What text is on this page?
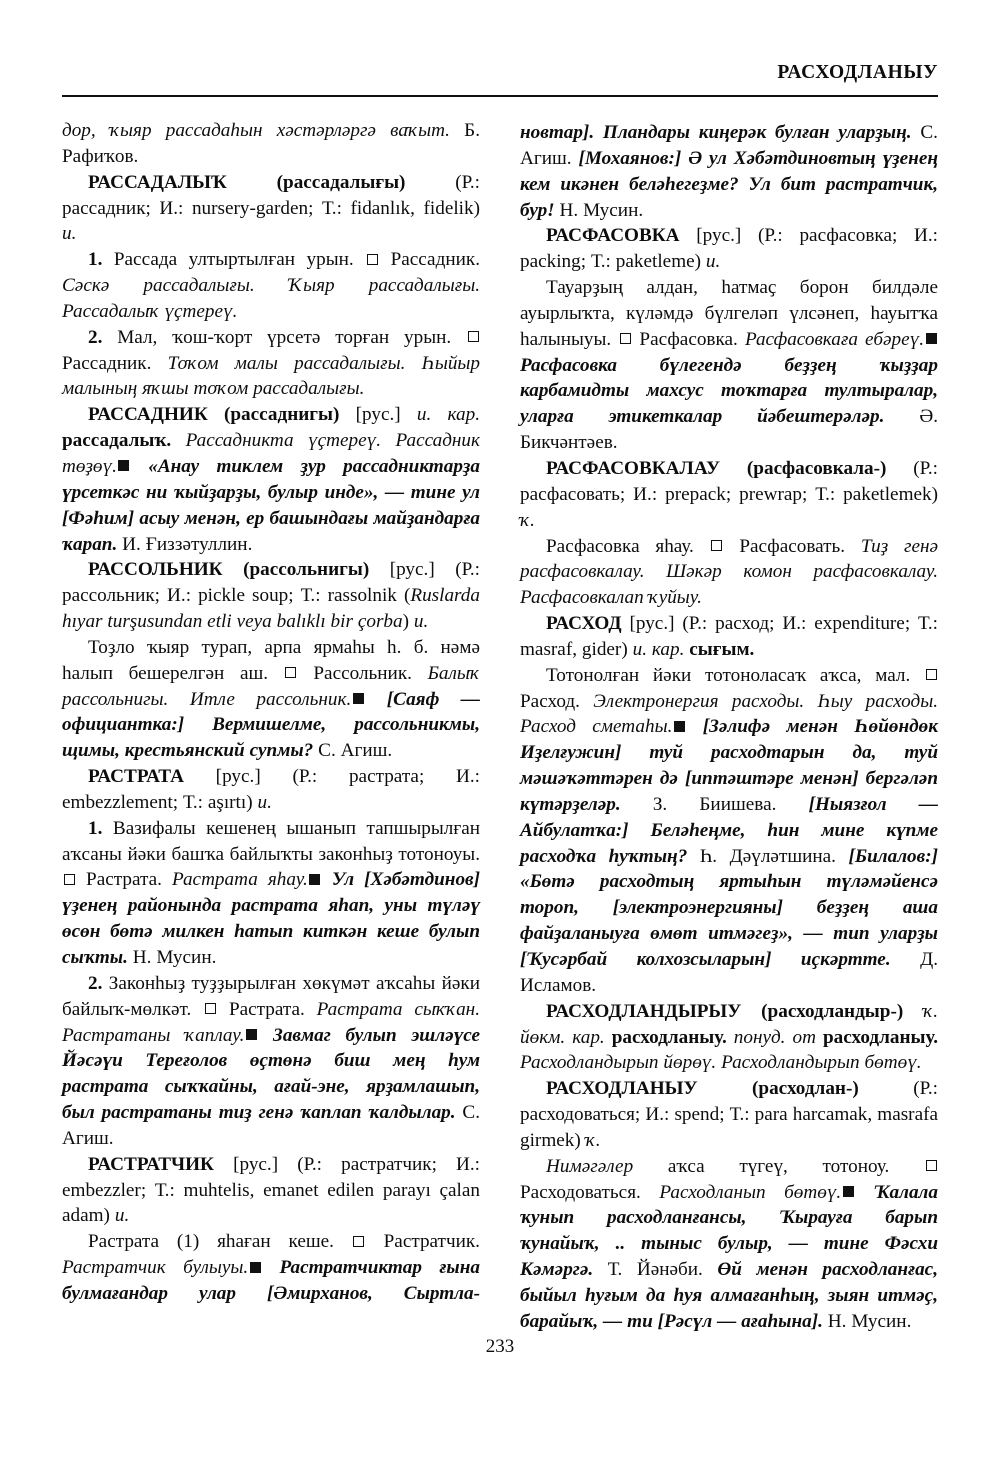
РАСХОДЛАНЫУ

дор, ҡыяр рассадаһын хәстәрләргә ваҡыт. Б. Рафиҡов.

РАССАДАЛЫҠ (рассадалығы) (Р.: рассадник; И.: nursery-garden; Т.: fidanlık, fidelik) и.

1. Рассада ултыртылған урын.  Рассадник. Сәскә рассадалығы. Ҡыяр рассадалығы. Рассадалыҡ үҫтереү.

2. Мал, ҡош-ҡорт үрсетә торған урын.  Рассадник. Тоҡом малы рассадалығы. Һыйыр малының яҡшы тоҡом рассадалығы.

РАССАДНИК (рассаднигы) [рус.] и. кар. рассадалыҡ. Рассадникта үҫтереү. Рассадник төҙөү. «Анау тиклем ҙур рассадниктарҙа үрсеткәс ни ҡыйҙарҙы, булыр инде», — тине ул [Фәһим] асыу менән, ер башындағы майҙандарға ҡарап. И. Ғиззәтуллин.

РАССОЛЬНИК (рассольнигы) [рус.] (Р.: рассольник; И.: pickle soup; Т.: rassolnik (Ruslarda hıyar turşusundan etli veya balıklı bir çorba) и.

Тоҙло ҡыяр турап, арпа ярмаһы һ. б. нәмә һалып бешерелгән аш.  Рассольник. Балыҡ рассольнигы. Итле рассольник. [Саяф — официантка:] Вермишелме, рассольникмы, щимы, крестьянский супмы? С. Агиш.

РАСТРАТА [рус.] (Р.: растрата; И.: embezzlement; Т.: aşırtı) и.

1. Вазифалы кешенең ышанып тапшырылған аҡсаны йәки башҡа байлыҡты законһыҙ тотоноуы.  Растрата. Растрата яһау. Ул [Хәбәтдинов] үҙенең районында растрата яһап, уны түләү өсөн бөтә милкен һатып киткән кеше булып сыҡты. Н. Мусин.

2. Законһыҙ туҙҙырылған хөкүмәт аҡсаһы йәки байлыҡ-мөлкәт.  Растрата. Растрата сыҡҡан. Растратаны ҡаплау. Завмаг булып эшләүсе Йәсәүи Тереғолов өҫтөнә биш мең һум растрата сыҡҡайны, ағай-эне, ярҙамлашып, был растратаны тиҙ генә ҡаплап ҡалдылар. С. Агиш.

РАСТРАТЧИК [рус.] (Р.: растратчик; И.: embezzler; Т.: muhtelis, emanet edilen parayı çalan adam) и.

Растрата (1) яһаған кеше.  Растратчик. Растратчик булыуы. Растратчиктар ғына булмағандар улар [Әмирханов, Сыртла-

новтар]. Пландары киңерәк булған уларҙың. С. Агиш. [Мохаянов:] Ә ул Хәбәтдиновтың үҙенең кем икәнен беләһегеҙме? Ул бит растратчик, бур! Н. Мусин.

РАСФАСОВКА [рус.] (Р.: расфасовка; И.: packing; Т.: paketleme) и.

Тауарҙың алдан, һатмаҫ борон билдәле ауырлыҡта, күләмдә бүлгеләп үлсәнеп, һауытҡа һалыныуы.  Расфасовка. Расфасовкаға ебәреү. Расфасовка бүлегендә беҙҙең ҡыҙҙар карбамидты махсус тоҡтарға тултыралар, уларға этикеткалар йәбештерәләр. Ә. Бикчәнтәев.

РАСФАСОВКАЛАУ (расфасовкала-) (Р.: расфасовать; И.: prepack; prewrap; Т.: paketlemek) ҡ.

Расфасовка яһау.  Расфасовать. Тиҙ генә расфасовкалау. Шәкәр комон расфасовкалау. Расфасовкалап ҡуйыу.

РАСХОД [рус.] (Р.: расход; И.: expenditure; Т.: masraf, gider) и. кар. сығым.

Тотонолған йәки тотоноласаҡ аҡса, мал.  Расход. Электронергия расходы. Һыу расходы. Расход сметаһы. [Зәлифә менән Һөйөндөк Иҙелғужин] туй расходтарын да, туй мәшәҡәттәрен дә [иптәштәре менән] бергәләп күтәрҙеләр. З. Биишева. [Ныязғол — Айбулатҡа:] Беләһеңме, һин мине күпме расходҡа һуҡтың? Һ. Дәүләтшина. [Билалов:] «Бөтә расходтың яртыһын түләмәйенсә тороп, [электроэнергияны] беҙҙең аша файҙаланыуға өмөт итмәгеҙ», — тип уларҙы [Ҡусәрбай колхозсыларын] иҫкәртте. Д. Исламов.

РАСХОДЛАНДЫРЫУ (расходландыр-) ҡ. йөкм. кар. расходланыу. понуд. от расходланыу. Расходландырып йөрөү. Расходландырып бөтөү.

РАСХОДЛАНЫУ (расходлан-) (Р.: расходоваться; И.: spend; Т.: para harcamak, masrafa girmek) ҡ.

Нимәгәлер аҡса түгеү, тотоноу.  Расходоваться. Расходланып бөтөү. Ҡалала ҡунып расходланғансы, Ҡырауға барып ҡунайыҡ, .. тыныс булыр, — тине Фәсхи Кәмәргә. Т. Йәнәби. Өй менән расходланғас, быйыл һуғым да һуя алмағанһың, зыян итмәҫ, барайыҡ, — ти [Рәсүл — ағаһына]. Н. Мусин.

233
